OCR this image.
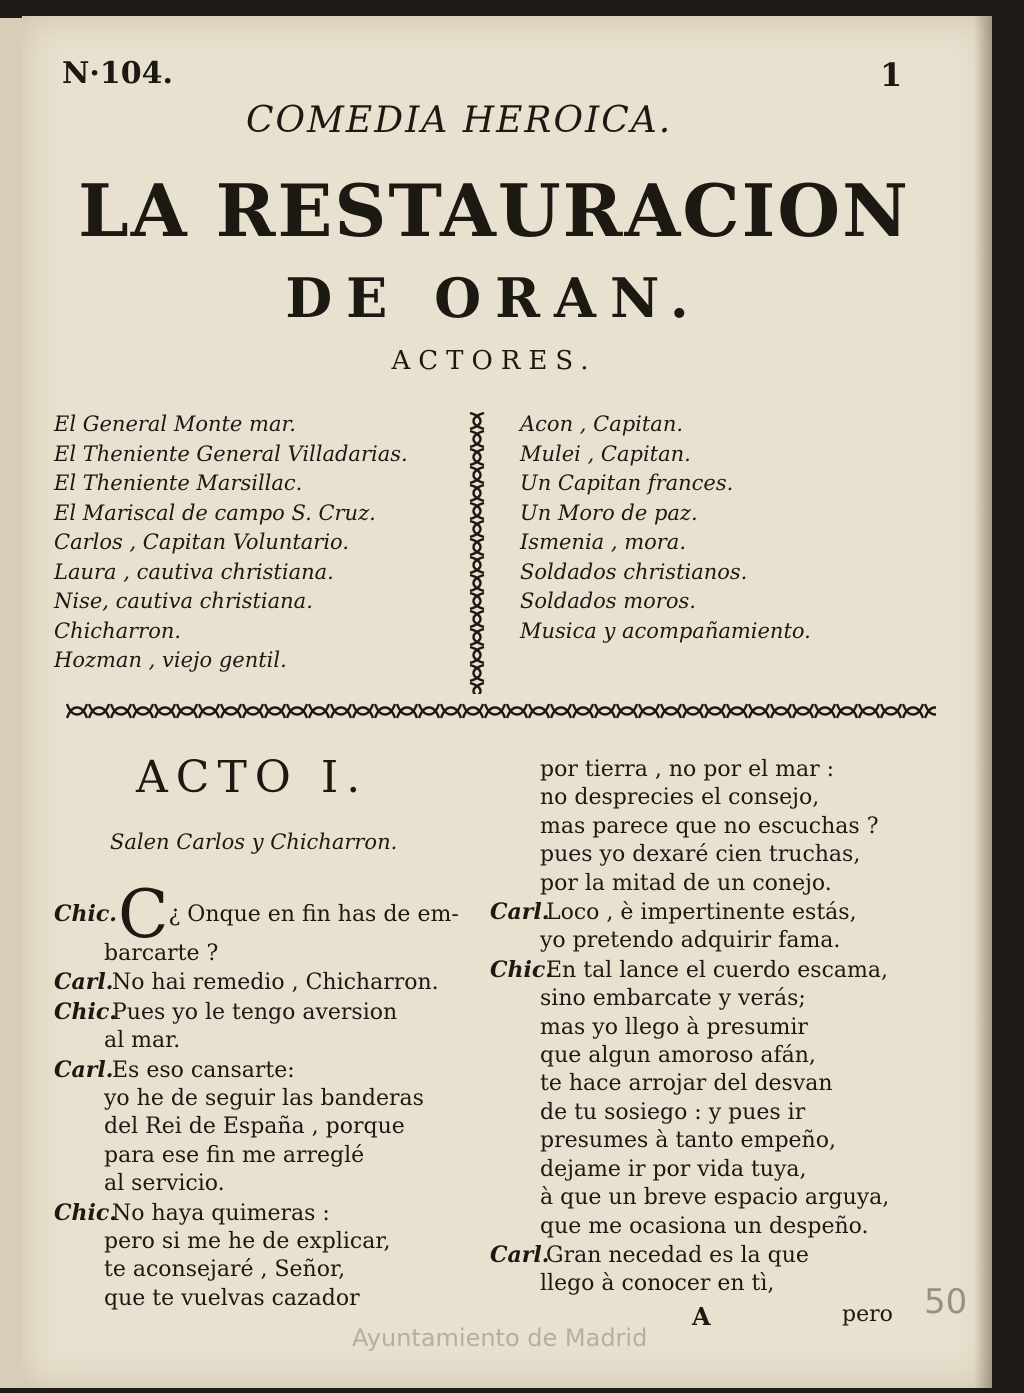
N·104.	1
COMEDIA HEROICA.
LA RESTAURACION
DE ORAN.
ACTORES.
El General Monte mar.
El Theniente General Villadarias.
El Theniente Marsillac.
El Mariscal de campo S. Cruz.
Carlos , Capitan Voluntario.
Laura , cautiva christiana.
Nise, cautiva christiana.
Chicharron.
Hozman , viejo gentil.
Acon , Capitan.
Mulei , Capitan.
Un Capitan frances.
Un Moro de paz.
Ismenia , mora.
Soldados christianos.
Soldados moros.
Musica y acompañamiento.
ACTO I.
Salen Carlos y Chicharron.
Chic.C¿ Onque en fin has de em-
barcarte ?
Carl.No hai remedio , Chicharron.
Chic.Pues yo le tengo aversion
al mar.
Carl.Es eso cansarte:
yo he de seguir las banderas
del Rei de España , porque
para ese fin me arreglé
al servicio.
Chic.No haya quimeras :
pero si me he de explicar,
te aconsejaré , Señor,
que te vuelvas cazador
por tierra , no por el mar :
no desprecies el consejo,
mas parece que no escuchas ?
pues yo dexaré cien truchas,
por la mitad de un conejo.
Carl.Loco , è impertinente estás,
yo pretendo adquirir fama.
Chic.En tal lance el cuerdo escama,
sino embarcate y verás;
mas yo llego à presumir
que algun amoroso afán,
te hace arrojar del desvan
de tu sosiego : y pues ir
presumes à tanto empeño,
dejame ir por vida tuya,
à que un breve espacio arguya,
que me ocasiona un despeño.
Carl.Gran necedad es la que
llego à conocer en tì,
A	pero
Ayuntamiento de Madrid
50
